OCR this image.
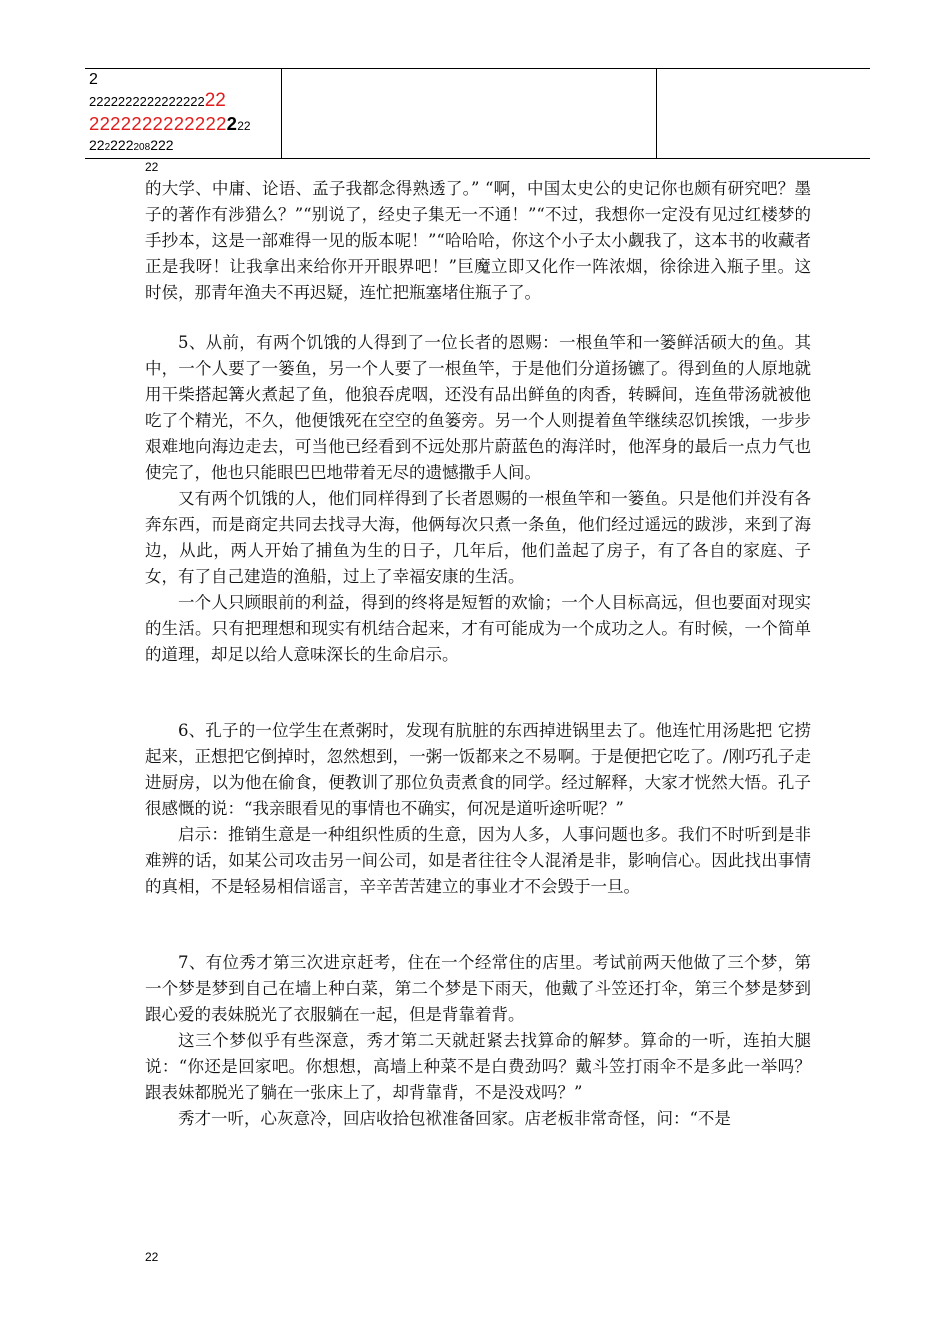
2
222222222222222222
2222222222222222
222222208222
22

的大学、中庸、论语、孟子我都念得熟透了。” “啊，中国太史公的史记你也颇有研究吧？墨子的著作有涉猎么？”“别说了，经史子集无一不通！”“不过，我想你一定没有见过红楼梦的手抄本，这是一部难得一见的版本呢！”“哈哈哈，你这个小子太小觑我了，这本书的收藏者正是我呀！让我拿出来给你开开眼界吧！”巨魔立即又化作一阵浓烟，徐徐进入瓶子里。这时侯，那青年渔夫不再迟疑，连忙把瓶塞堵住瓶子了。

5、从前，有两个饥饿的人得到了一位长者的恩赐：一根鱼竿和一篓鲜活硕大的鱼。其中，一个人要了一篓鱼，另一个人要了一根鱼竿，于是他们分道扬镳了。得到鱼的人原地就用干柴搭起篝火煮起了鱼，他狼吞虎咽，还没有品出鲜鱼的肉香，转瞬间，连鱼带汤就被他吃了个精光，不久，他便饿死在空空的鱼篓旁。另一个人则提着鱼竿继续忍饥挨饿，一步步艰难地向海边走去，可当他已经看到不远处那片蔚蓝色的海洋时，他浑身的最后一点力气也使完了，他也只能眼巴巴地带着无尽的遗憾撒手人间。

又有两个饥饿的人，他们同样得到了长者恩赐的一根鱼竿和一篓鱼。只是他们并没有各奔东西，而是商定共同去找寻大海，他俩每次只煮一条鱼，他们经过遥远的跋涉，来到了海边，从此，两人开始了捕鱼为生的日子，几年后，他们盖起了房子，有了各自的家庭、子女，有了自己建造的渔船，过上了幸福安康的生活。

一个人只顾眼前的利益，得到的终将是短暂的欢愉；一个人目标高远，但也要面对现实的生活。只有把理想和现实有机结合起来，才有可能成为一个成功之人。有时候，一个简单的道理，却足以给人意味深长的生命启示。

6、孔子的一位学生在煮粥时，发现有肮脏的东西掉进锅里去了。他连忙用汤匙把 它捞起来，正想把它倒掉时，忽然想到，一粥一饭都来之不易啊。于是便把它吃了。/刚巧孔子走进厨房，以为他在偷食，便教训了那位负责煮食的同学。经过解释，大家才恍然大悟。孔子很感慨的说：“我亲眼看见的事情也不确实，何况是道听途听呢？”

启示：推销生意是一种组织性质的生意，因为人多，人事问题也多。我们不时听到是非难辨的话，如某公司攻击另一间公司，如是者往往令人混淆是非，影响信心。因此找出事情的真相，不是轻易相信谣言，辛辛苦苦建立的事业才不会毁于一旦。

7、有位秀才第三次进京赶考，住在一个经常住的店里。考试前两天他做了三个梦，第一个梦是梦到自己在墙上种白菜，第二个梦是下雨天，他戴了斗笠还打伞，第三个梦是梦到跟心爱的表妹脱光了衣服躺在一起，但是背靠着背。

这三个梦似乎有些深意，秀才第二天就赶紧去找算命的解梦。算命的一听，连拍大腿说：“你还是回家吧。你想想，高墙上种菜不是白费劲吗？戴斗笠打雨伞不是多此一举吗？跟表妹都脱光了躺在一张床上了，却背靠背，不是没戏吗？”

秀才一听，心灰意冷，回店收拾包袱准备回家。店老板非常奇怪，问：“不是

22
